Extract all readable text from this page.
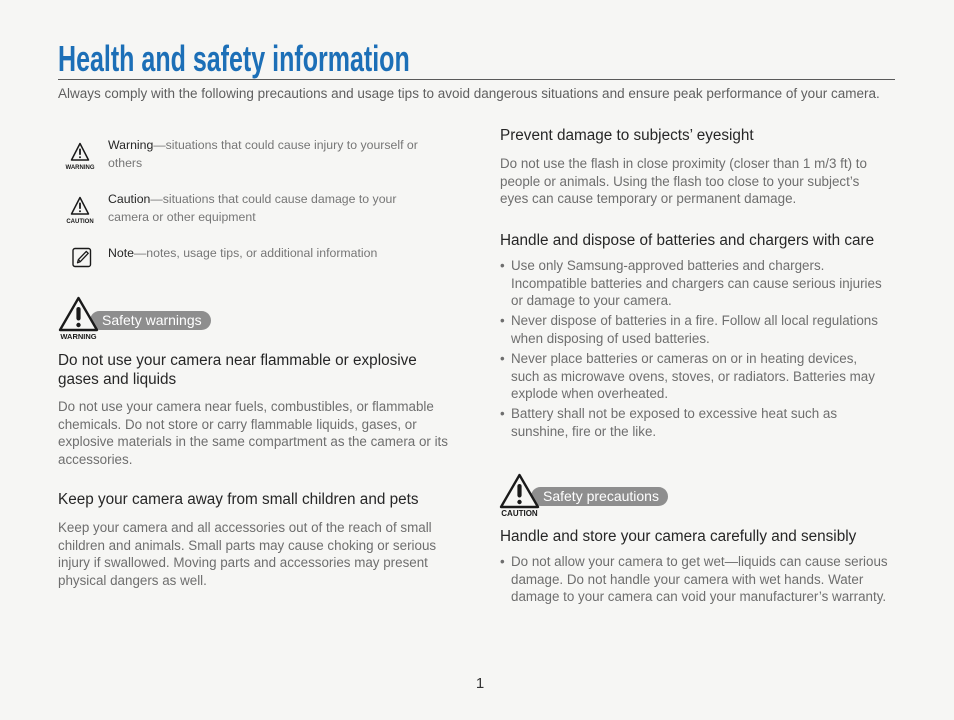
Health and safety information

Always comply with the following precautions and usage tips to avoid dangerous situations and ensure peak performance of your camera.

WARNING

Warning—situations that could cause injury to yourself or
others

CAUTION

Caution—situations that could cause damage to your
camera or other equipment

Note—notes, usage tips, or additional information

WARNING
Safety warnings
Do not use your camera near flammable or explosive
gases and liquids

Do not use your camera near fuels, combustibles, or flammable
chemicals. Do not store or carry flammable liquids, gases, or
explosive materials in the same compartment as the camera or its
accessories.

Keep your camera away from small children and pets

Keep your camera and all accessories out of the reach of small
children and animals. Small parts may cause choking or serious
injury if swallowed. Moving parts and accessories may present
physical dangers as well.

Prevent damage to subjects’ eyesight

Do not use the flash in close proximity (closer than 1 m/3 ft) to
people or animals. Using the flash too close to your subject’s
eyes can cause temporary or permanent damage.

Handle and dispose of batteries and chargers with care
• Use only Samsung-approved batteries and chargers.
Incompatible batteries and chargers can cause serious injuries
or damage to your camera.
• Never dispose of batteries in a fire. Follow all local regulations
when disposing of used batteries.
• Never place batteries or cameras on or in heating devices,
such as microwave ovens, stoves, or radiators. Batteries may
explode when overheated.
• Battery shall not be exposed to excessive heat such as
sunshine, fire or the like.
CAUTION
Safety precautions
Handle and store your camera carefully and sensibly
• Do not allow your camera to get wet—liquids can cause serious
damage. Do not handle your camera with wet hands. Water
damage to your camera can void your manufacturer’s warranty.
1
